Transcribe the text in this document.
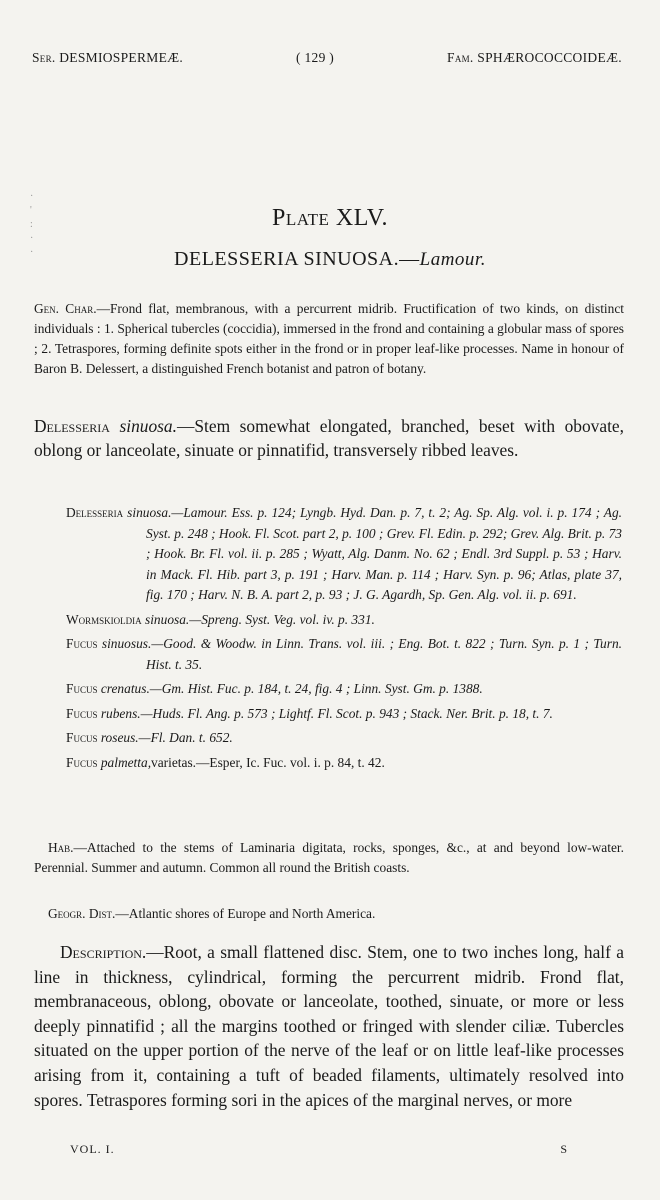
·
'
:
·
·
Ser. DESMIOSPERMEÆ.	( 129 )	Fam. SPHÆROCOCCOIDEÆ.
Plate XLV.
DELESSERIA SINUOSA.—Lamour.
Gen. Char.—Frond flat, membranous, with a percurrent midrib. Fructification of two kinds, on distinct individuals : 1. Spherical tubercles (coccidia), immersed in the frond and containing a globular mass of spores ; 2. Tetraspores, forming definite spots either in the frond or in proper leaf-like processes. Name in honour of Baron B. Delessert, a distinguished French botanist and patron of botany.
Delesseria sinuosa.—Stem somewhat elongated, branched, beset with obovate, oblong or lanceolate, sinuate or pinnatifid, transversely ribbed leaves.
Delesseria sinuosa.—Lamour. Ess. p. 124; Lyngb. Hyd. Dan. p. 7, t. 2; Ag. Sp. Alg. vol. i. p. 174 ; Ag. Syst. p. 248 ; Hook. Fl. Scot. part 2, p. 100 ; Grev. Fl. Edin. p. 292; Grev. Alg. Brit. p. 73 ; Hook. Br. Fl. vol. ii. p. 285 ; Wyatt, Alg. Danm. No. 62 ; Endl. 3rd Suppl. p. 53 ; Harv. in Mack. Fl. Hib. part 3, p. 191 ; Harv. Man. p. 114 ; Harv. Syn. p. 96; Atlas, plate 37, fig. 170 ; Harv. N. B. A. part 2, p. 93 ; J. G. Agardh, Sp. Gen. Alg. vol. ii. p. 691.
Wormskioldia sinuosa.—Spreng. Syst. Veg. vol. iv. p. 331.
Fucus sinuosus.—Good. & Woodw. in Linn. Trans. vol. iii. ; Eng. Bot. t. 822 ; Turn. Syn. p. 1 ; Turn. Hist. t. 35.
Fucus crenatus.—Gm. Hist. Fuc. p. 184, t. 24, fig. 4 ; Linn. Syst. Gm. p. 1388.
Fucus rubens.—Huds. Fl. Ang. p. 573 ; Lightf. Fl. Scot. p. 943 ; Stack. Ner. Brit. p. 18, t. 7.
Fucus roseus.—Fl. Dan. t. 652.
Fucus palmetta,varietas.—Esper, Ic. Fuc. vol. i. p. 84, t. 42.
Hab.—Attached to the stems of Laminaria digitata, rocks, sponges, &c., at and beyond low-water. Perennial. Summer and autumn. Common all round the British coasts.
Geogr. Dist.—Atlantic shores of Europe and North America.
Description.—Root, a small flattened disc. Stem, one to two inches long, half a line in thickness, cylindrical, forming the percurrent midrib. Frond flat, membranaceous, oblong, obovate or lanceolate, toothed, sinuate, or more or less deeply pinnatifid ; all the margins toothed or fringed with slender ciliæ. Tubercles situated on the upper portion of the nerve of the leaf or on little leaf-like processes arising from it, containing a tuft of beaded filaments, ultimately resolved into spores. Tetraspores forming sori in the apices of the marginal nerves, or more
VOL. I.	S
